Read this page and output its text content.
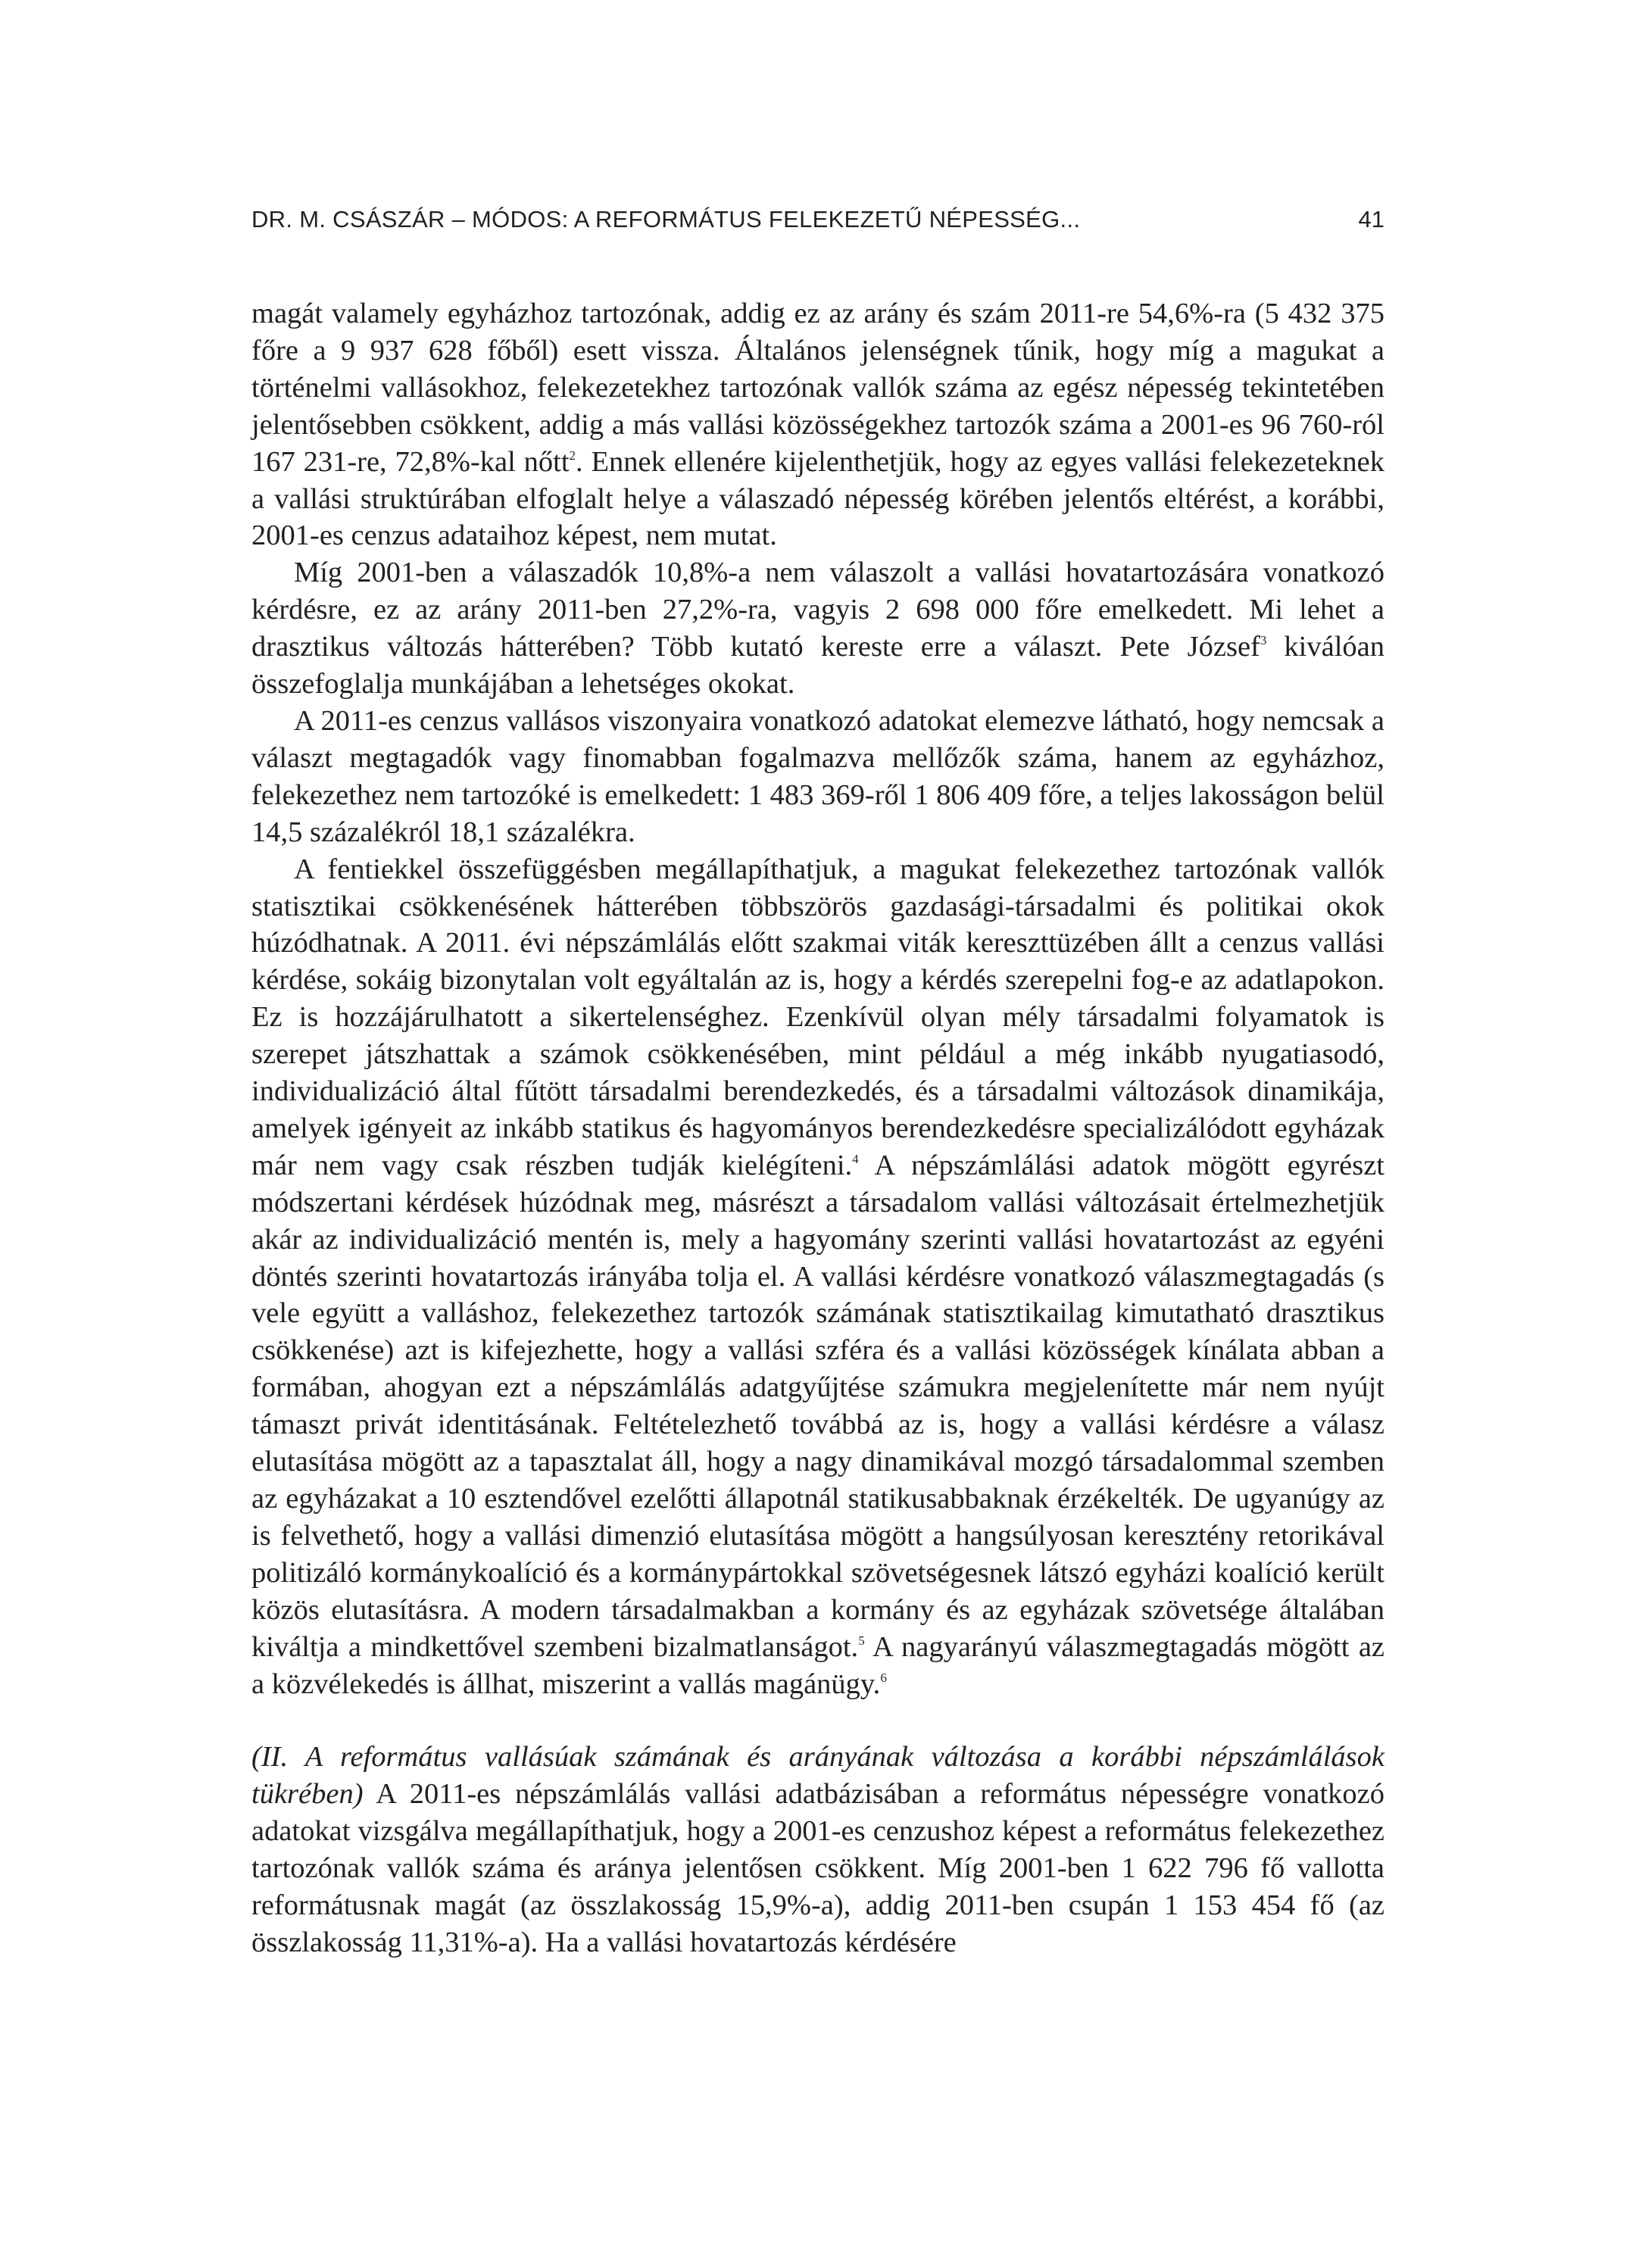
DR. M. CSÁSZÁR – MÓDOS: A REFORMÁTUS FELEKEZETŰ NÉPESSÉG...	41

magát valamely egyházhoz tartozónak, addig ez az arány és szám 2011-re 54,6%-ra (5 432 375 főre a 9 937 628 főből) esett vissza. Általános jelenségnek tűnik, hogy míg a magukat a történelmi vallásokhoz, felekezetekhez tartozónak vallók száma az egész népesség tekintetében jelentősebben csökkent, addig a más vallási közösségekhez tartozók száma a 2001-es 96 760-ról 167 231-re, 72,8%-kal nőtt$^2$. Ennek ellenére kijelenthetjük, hogy az egyes vallási felekezeteknek a vallási struktúrában elfoglalt helye a válaszadó népesség körében jelentős eltérést, a korábbi, 2001-es cenzus adataihoz képest, nem mutat.

Míg 2001-ben a válaszadók 10,8%-a nem válaszolt a vallási hovatartozására vonatkozó kérdésre, ez az arány 2011-ben 27,2%-ra, vagyis 2 698 000 főre emelkedett. Mi lehet a drasztikus változás hátterében? Több kutató kereste erre a választ. Pete József$^3$ kiválóan összefoglalja munkájában a lehetséges okokat.

A 2011-es cenzus vallásos viszonyaira vonatkozó adatokat elemezve látható, hogy nemcsak a választ megtagadók vagy finomabban fogalmazva mellőzők száma, hanem az egyházhoz, felekezethez nem tartozóké is emelkedett: 1 483 369-ről 1 806 409 főre, a teljes lakosságon belül 14,5 százalékról 18,1 százalékra.

A fentiekkel összefüggésben megállapíthatjuk, a magukat felekezethez tartozónak vallók statisztikai csökkenésének hátterében többszörös gazdasági-társadalmi és politikai okok húzódhatnak. A 2011. évi népszámlálás előtt szakmai viták kereszttüzében állt a cenzus vallási kérdése, sokáig bizonytalan volt egyáltalán az is, hogy a kérdés szerepelni fog-e az adatlapokon. Ez is hozzájárulhatott a sikertelenséghez. Ezenkívül olyan mély társadalmi folyamatok is szerepet játszhattak a számok csökkenésében, mint például a még inkább nyugatiasodó, individualizáció által fűtött társadalmi berendezkedés, és a társadalmi változások dinamikája, amelyek igényeit az inkább statikus és hagyományos berendezkedésre specializálódott egyházak már nem vagy csak részben tudják kielégíteni.$^4$ A népszámlálási adatok mögött egyrészt módszertani kérdések húzódnak meg, másrészt a társadalom vallási változásait értelmezhetjük akár az individualizáció mentén is, mely a hagyomány szerinti vallási hovatartozást az egyéni döntés szerinti hovatartozás irányába tolja el. A vallási kérdésre vonatkozó válaszmegtagadás (s vele együtt a valláshoz, felekezethez tartozók számának statisztikailag kimutatható drasztikus csökkenése) azt is kifejezhette, hogy a vallási szféra és a vallási közösségek kínálata abban a formában, ahogyan ezt a népszámlálás adatgyűjtése számukra megjelenítette már nem nyújt támaszt privát identitásának. Feltételezhető továbbá az is, hogy a vallási kérdésre a válasz elutasítása mögött az a tapasztalat áll, hogy a nagy dinamikával mozgó társadalommal szemben az egyházakat a 10 esztendővel ezelőtti állapotnál statikusabbaknak érzékelték. De ugyanúgy az is felvethető, hogy a vallási dimenzió elutasítása mögött a hangsúlyosan keresztény retorikával politizáló kormánykoalíció és a kormánypártokkal szövetségesnek látszó egyházi koalíció került közös elutasításra. A modern társadalmakban a kormány és az egyházak szövetsége általában kiváltja a mindkettővel szembeni bizalmatlanságot.$^5$ A nagyarányú válaszmegtagadás mögött az a közvélekedés is állhat, miszerint a vallás magánügy.$^6$

(II. A református vallásúak számának és arányának változása a korábbi népszámlálások tükrében) A 2011-es népszámlálás vallási adatbázisában a református népességre vonatkozó adatokat vizsgálva megállapíthatjuk, hogy a 2001-es cenzushoz képest a református felekezethez tartozónak vallók száma és aránya jelentősen csökkent. Míg 2001-ben 1 622 796 fő vallotta reformátusnak magát (az összlakosság 15,9%-a), addig 2011-ben csupán 1 153 454 fő (az összlakosság 11,31%-a). Ha a vallási hovatartozás kérdésére
